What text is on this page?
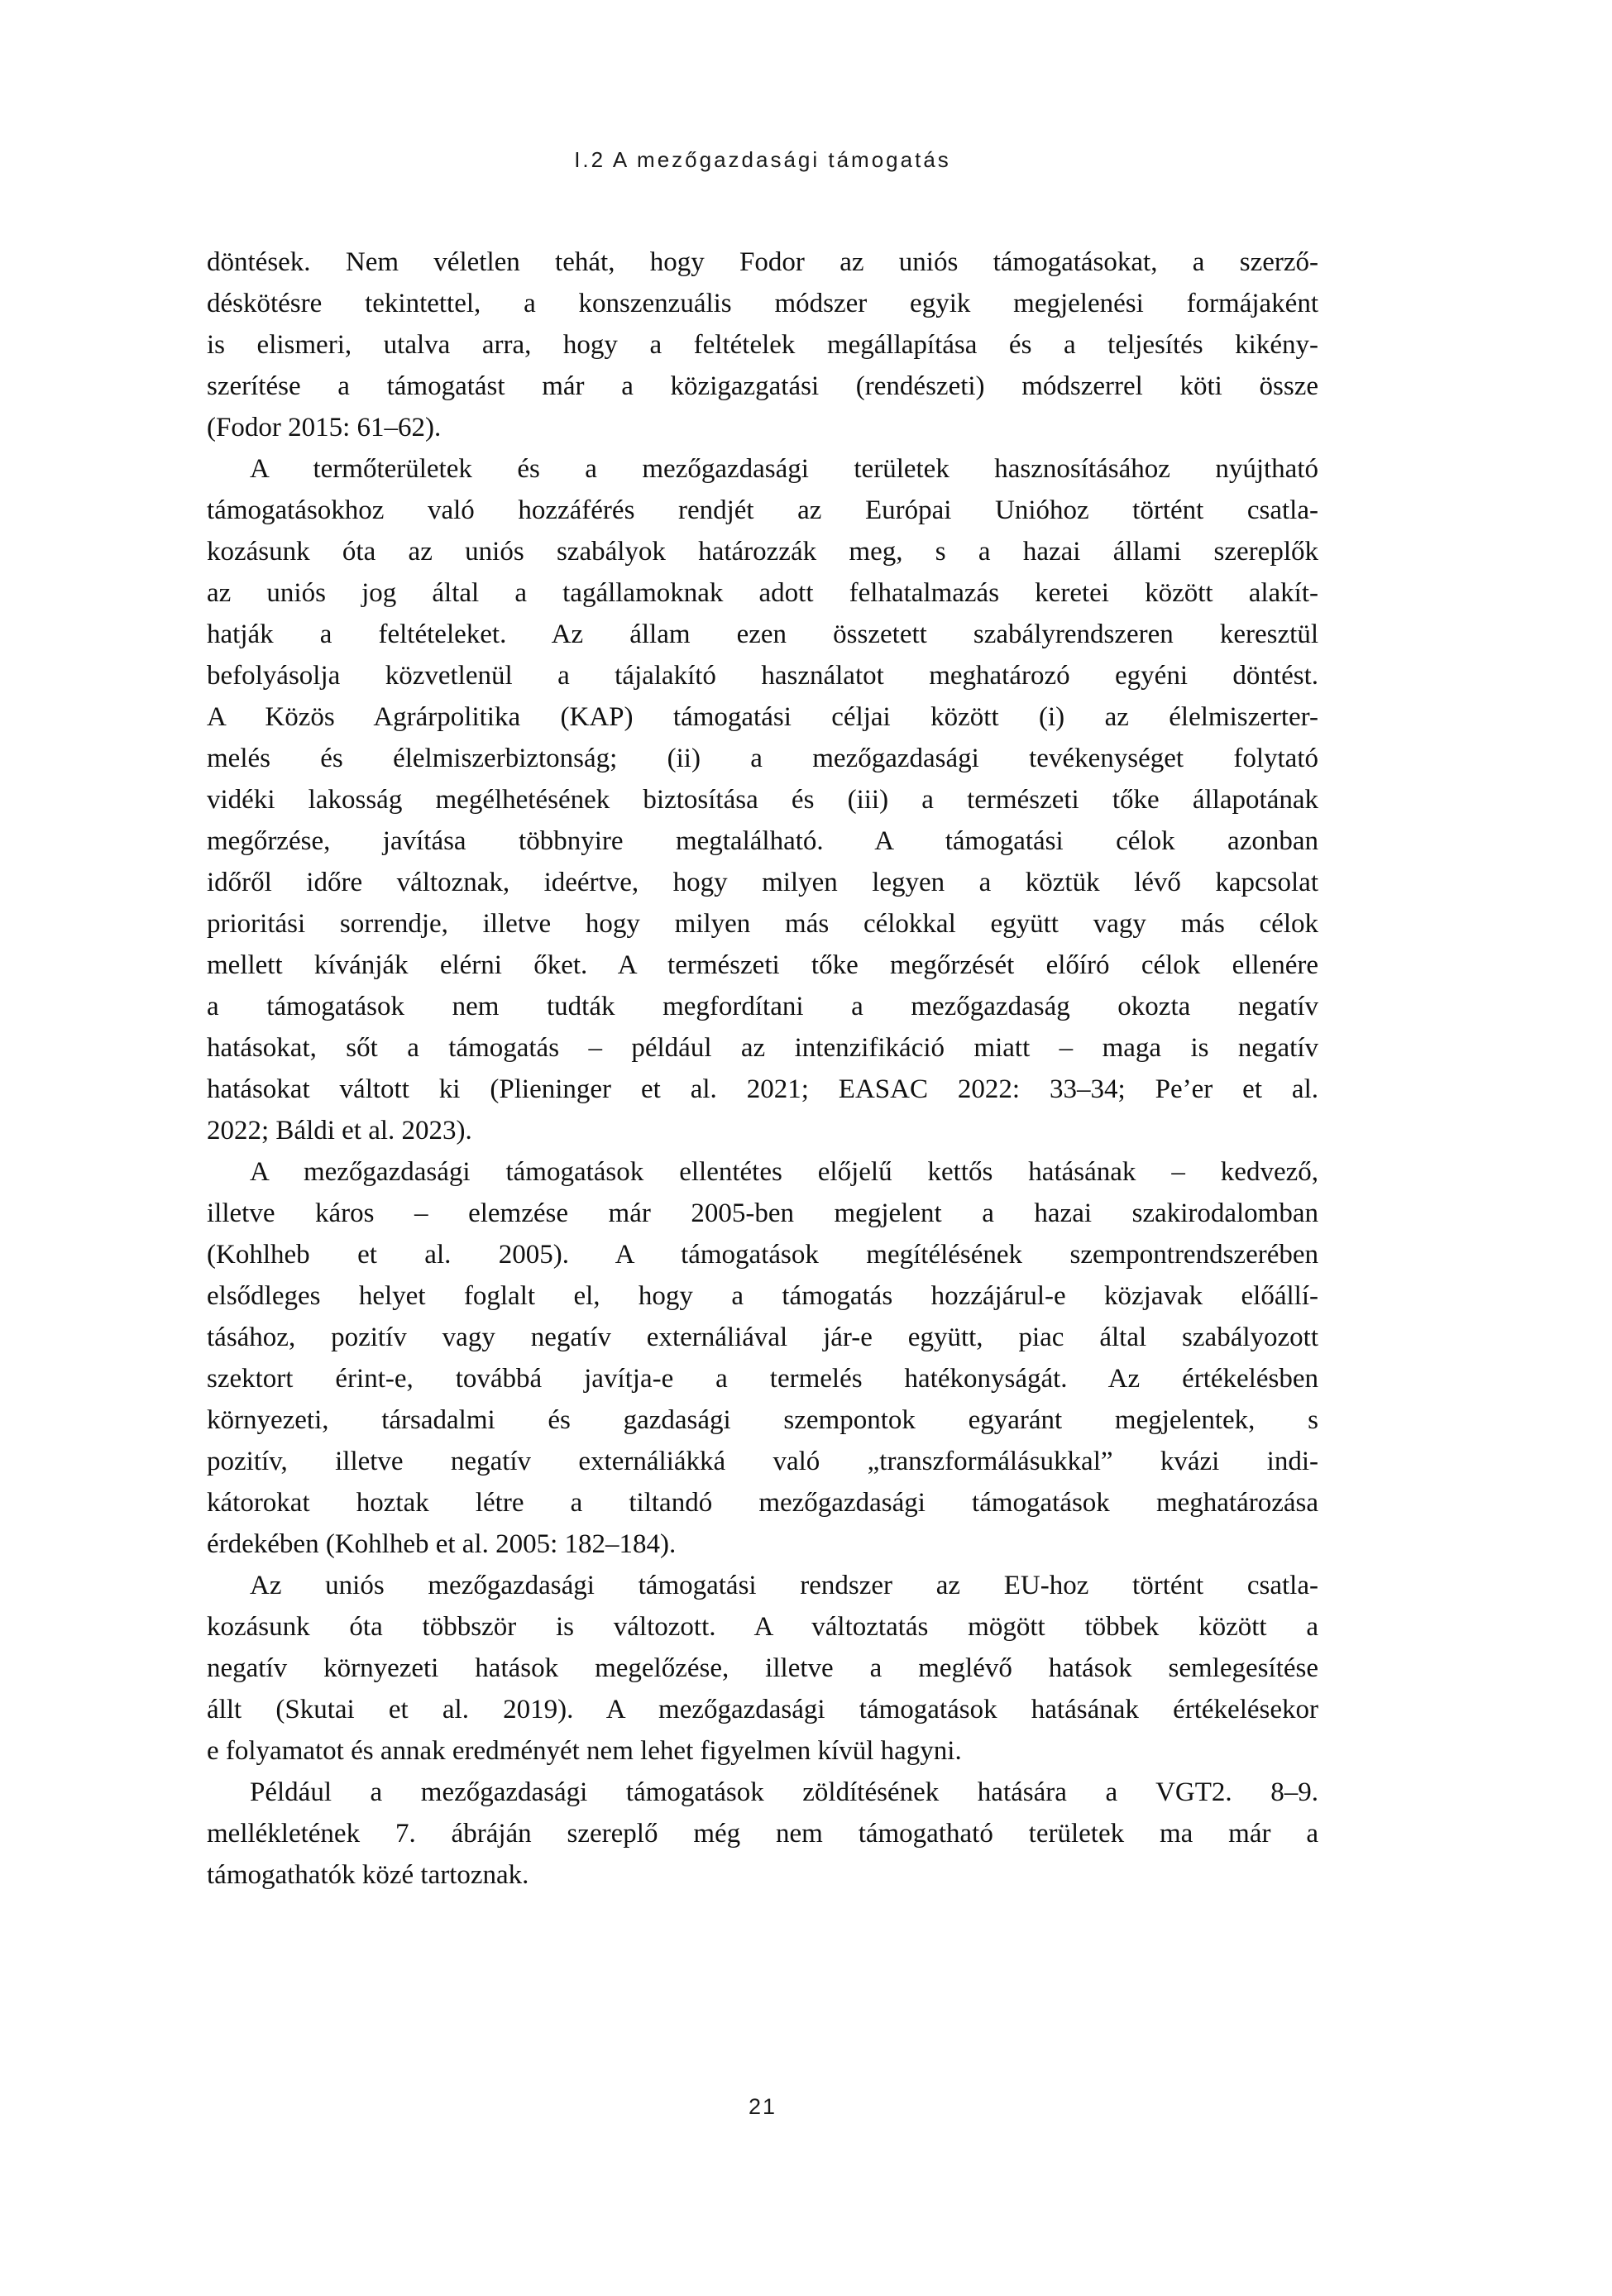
I.2 A mezőgazdasági támogatás
döntések. Nem véletlen tehát, hogy Fodor az uniós támogatásokat, a szerző-
déskötésre tekintettel, a konszenzuális módszer egyik megjelenési formájaként
is elismeri, utalva arra, hogy a feltételek megállapítása és a teljesítés kikény-
szerítése a támogatást már a közigazgatási (rendészeti) módszerrel köti össze
(Fodor 2015: 61–62).
A termőterületek és a mezőgazdasági területek hasznosításához nyújtható
támogatásokhoz való hozzáférés rendjét az Európai Unióhoz történt csatla-
kozásunk óta az uniós szabályok határozzák meg, s a hazai állami szereplők
az uniós jog által a tagállamoknak adott felhatalmazás keretei között alakít-
hatják a feltételeket. Az állam ezen összetett szabályrendszeren keresztül
befolyásolja közvetlenül a tájalakító használatot meghatározó egyéni döntést.
A Közös Agrárpolitika (KAP) támogatási céljai között (i) az élelmiszerter-
melés és élelmiszerbiztonság; (ii) a mezőgazdasági tevékenységet folytató
vidéki lakosság megélhetésének biztosítása és (iii) a természeti tőke állapotának
megőrzése, javítása többnyire megtalálható. A támogatási célok azonban
időről időre változnak, ideértve, hogy milyen legyen a köztük lévő kapcsolat
prioritási sorrendje, illetve hogy milyen más célokkal együtt vagy más célok
mellett kívánják elérni őket. A természeti tőke megőrzését előíró célok ellenére
a támogatások nem tudták megfordítani a mezőgazdaság okozta negatív
hatásokat, sőt a támogatás – például az intenzifikáció miatt – maga is negatív
hatásokat váltott ki (Plieninger et al. 2021; EASAC 2022: 33–34; Pe’er et al.
2022; Báldi et al. 2023).
A mezőgazdasági támogatások ellentétes előjelű kettős hatásának – kedvező,
illetve káros – elemzése már 2005-ben megjelent a hazai szakirodalomban
(Kohlheb et al. 2005). A támogatások megítélésének szempontrendszerében
elsődleges helyet foglalt el, hogy a támogatás hozzájárul-e közjavak előállí-
tásához, pozitív vagy negatív externáliával jár-e együtt, piac által szabályozott
szektort érint-e, továbbá javítja-e a termelés hatékonyságát. Az értékelésben
környezeti, társadalmi és gazdasági szempontok egyaránt megjelentek, s
pozitív, illetve negatív externáliákká való „transzformálásukkal” kvázi indi-
kátorokat hoztak létre a tiltandó mezőgazdasági támogatások meghatározása
érdekében (Kohlheb et al. 2005: 182–184).
Az uniós mezőgazdasági támogatási rendszer az EU-hoz történt csatla-
kozásunk óta többször is változott. A változtatás mögött többek között a
negatív környezeti hatások megelőzése, illetve a meglévő hatások semlegesítése
állt (Skutai et al. 2019). A mezőgazdasági támogatások hatásának értékelésekor
e folyamatot és annak eredményét nem lehet figyelmen kívül hagyni.
Például a mezőgazdasági támogatások zöldítésének hatására a VGT2. 8–9.
mellékletének 7. ábráján szereplő még nem támogatható területek ma már a
támogathatók közé tartoznak.
21
